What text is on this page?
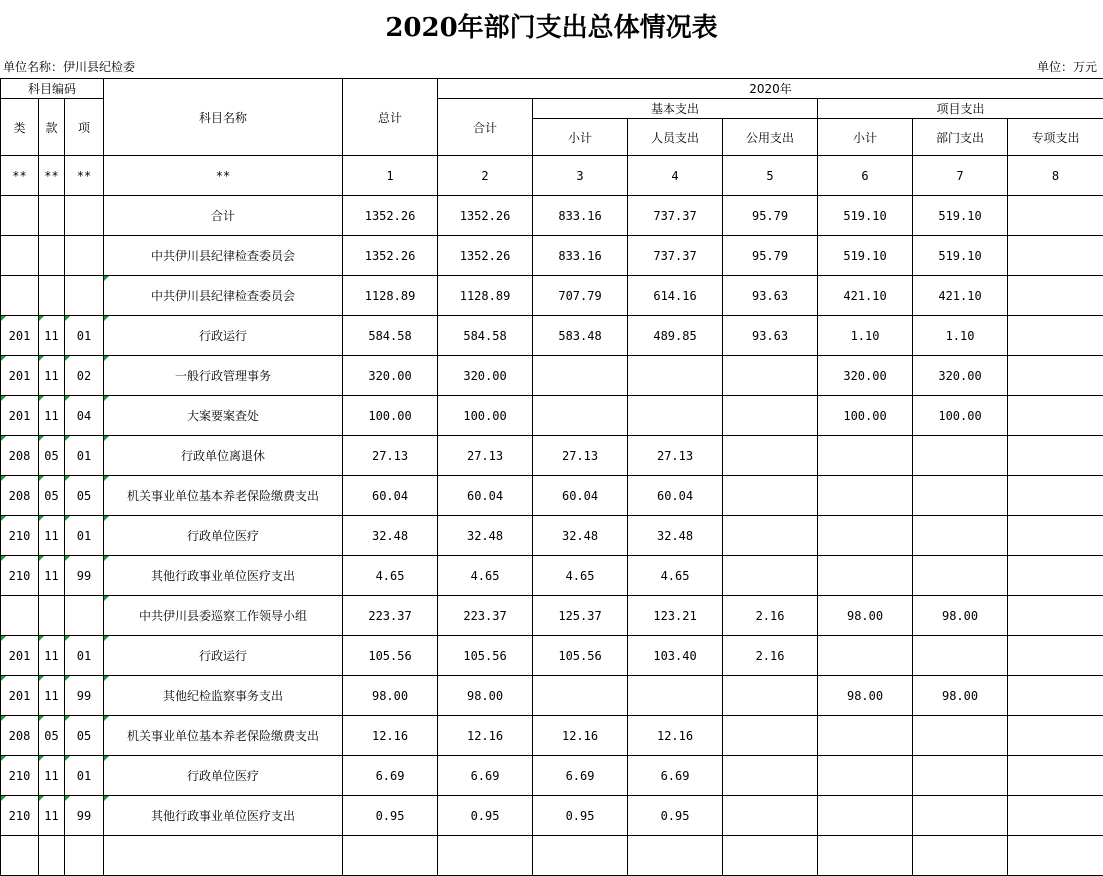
2020年部门支出总体情况表
单位名称：伊川县纪检委	单位：万元
科目编码			科目名称	总计	2020年						
类	款	项			合计	基本支出			项目支出		
						小计	人员支出	公用支出	小计	部门支出	专项支出
**	**	**	**	1	2	3	4	5	6	7	8
			合计	1352.26	1352.26	833.16	737.37	95.79	519.10	519.10	
			中共伊川县纪律检查委员会	1352.26	1352.26	833.16	737.37	95.79	519.10	519.10	
			中共伊川县纪律检查委员会	1128.89	1128.89	707.79	614.16	93.63	421.10	421.10	
201	11	01	行政运行	584.58	584.58	583.48	489.85	93.63	1.10	1.10	
201	11	02	一般行政管理事务	320.00	320.00				320.00	320.00	
201	11	04	大案要案查处	100.00	100.00				100.00	100.00	
208	05	01	行政单位离退休	27.13	27.13	27.13	27.13				
208	05	05	机关事业单位基本养老保险缴费支出	60.04	60.04	60.04	60.04				
210	11	01	行政单位医疗	32.48	32.48	32.48	32.48				
210	11	99	其他行政事业单位医疗支出	4.65	4.65	4.65	4.65				
			中共伊川县委巡察工作领导小组	223.37	223.37	125.37	123.21	2.16	98.00	98.00	
201	11	01	行政运行	105.56	105.56	105.56	103.40	2.16			
201	11	99	其他纪检监察事务支出	98.00	98.00				98.00	98.00	
208	05	05	机关事业单位基本养老保险缴费支出	12.16	12.16	12.16	12.16				
210	11	01	行政单位医疗	6.69	6.69	6.69	6.69				
210	11	99	其他行政事业单位医疗支出	0.95	0.95	0.95	0.95				
